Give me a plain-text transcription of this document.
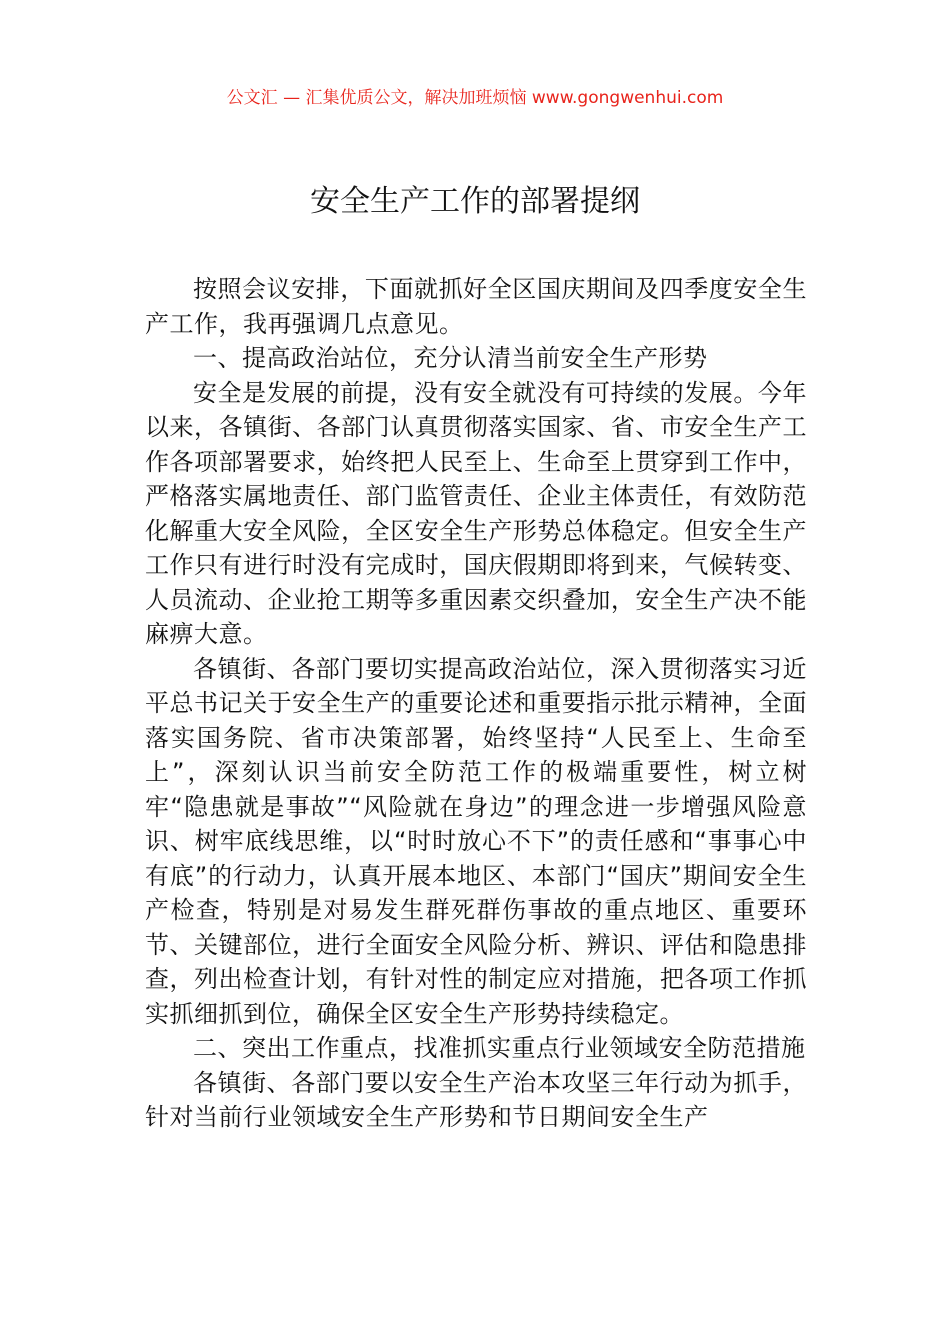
公文汇 — 汇集优质公文，解决加班烦恼 www.gongwenhui.com
安全生产工作的部署提纲

按照会议安排，下面就抓好全区国庆期间及四季度安全生产工作，我再强调几点意见。

一、提高政治站位，充分认清当前安全生产形势

安全是发展的前提，没有安全就没有可持续的发展。今年以来，各镇街、各部门认真贯彻落实国家、省、市安全生产工作各项部署要求，始终把人民至上、生命至上贯穿到工作中，严格落实属地责任、部门监管责任、企业主体责任，有效防范化解重大安全风险，全区安全生产形势总体稳定。但安全生产工作只有进行时没有完成时，国庆假期即将到来，气候转变、人员流动、企业抢工期等多重因素交织叠加，安全生产决不能麻痹大意。

各镇街、各部门要切实提高政治站位，深入贯彻落实习近平总书记关于安全生产的重要论述和重要指示批示精神，全面落实国务院、省市决策部署，始终坚持“人民至上、生命至上”，深刻认识当前安全防范工作的极端重要性，树立树牢“隐患就是事故”“风险就在身边”的理念进一步增强风险意识、树牢底线思维，以“时时放心不下”的责任感和“事事心中有底”的行动力，认真开展本地区、本部门“国庆”期间安全生产检查，特别是对易发生群死群伤事故的重点地区、重要环节、关键部位，进行全面安全风险分析、辨识、评估和隐患排查，列出检查计划，有针对性的制定应对措施，把各项工作抓实抓细抓到位，确保全区安全生产形势持续稳定。

二、突出工作重点，找准抓实重点行业领域安全防范措施

各镇街、各部门要以安全生产治本攻坚三年行动为抓手，针对当前行业领域安全生产形势和节日期间安全生产
